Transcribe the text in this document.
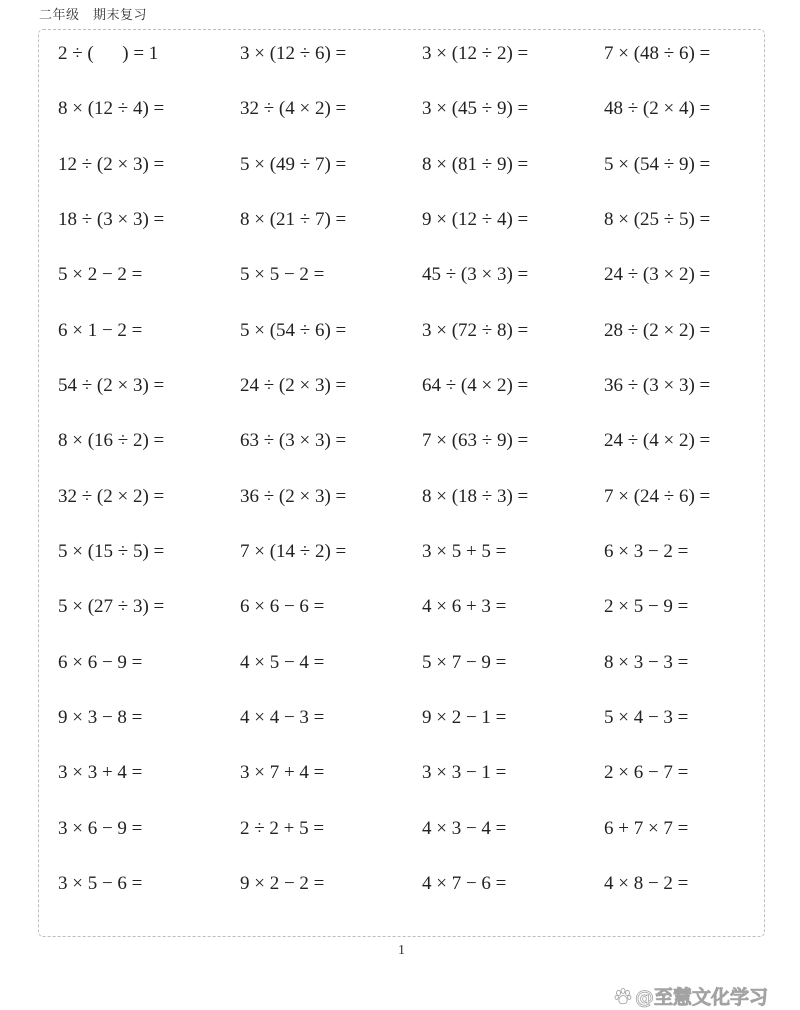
二年级　期末复习
2 ÷ (      ) = 1	3 × (12 ÷ 6) =	3 × (12 ÷ 2) =	7 × (48 ÷ 6) =
8 × (12 ÷ 4) =	32 ÷ (4 × 2) =	3 × (45 ÷ 9) =	48 ÷ (2 × 4) =
12 ÷ (2 × 3) =	5 × (49 ÷ 7) =	8 × (81 ÷ 9) =	5 × (54 ÷ 9) =
18 ÷ (3 × 3) =	8 × (21 ÷ 7) =	9 × (12 ÷ 4) =	8 × (25 ÷ 5) =
5 × 2 − 2 =	5 × 5 − 2 =	45 ÷ (3 × 3) =	24 ÷ (3 × 2) =
6 × 1 − 2 =	5 × (54 ÷ 6) =	3 × (72 ÷ 8) =	28 ÷ (2 × 2) =
54 ÷ (2 × 3) =	24 ÷ (2 × 3) =	64 ÷ (4 × 2) =	36 ÷ (3 × 3) =
8 × (16 ÷ 2) =	63 ÷ (3 × 3) =	7 × (63 ÷ 9) =	24 ÷ (4 × 2) =
32 ÷ (2 × 2) =	36 ÷ (2 × 3) =	8 × (18 ÷ 3) =	7 × (24 ÷ 6) =
5 × (15 ÷ 5) =	7 × (14 ÷ 2) =	3 × 5 + 5 =	6 × 3 − 2 =
5 × (27 ÷ 3) =	6 × 6 − 6 =	4 × 6 + 3 =	2 × 5 − 9 =
6 × 6 − 9 =	4 × 5 − 4 =	5 × 7 − 9 =	8 × 3 − 3 =
9 × 3 − 8 =	4 × 4 − 3 =	9 × 2 − 1 =	5 × 4 − 3 =
3 × 3 + 4 =	3 × 7 + 4 =	3 × 3 − 1 =	2 × 6 − 7 =
3 × 6 − 9 =	2 ÷ 2 + 5 =	4 × 3 − 4 =	6 + 7 × 7 =
3 × 5 − 6 =	9 × 2 − 2 =	4 × 7 − 6 =	4 × 8 − 2 =
1
@至慧文化学习
